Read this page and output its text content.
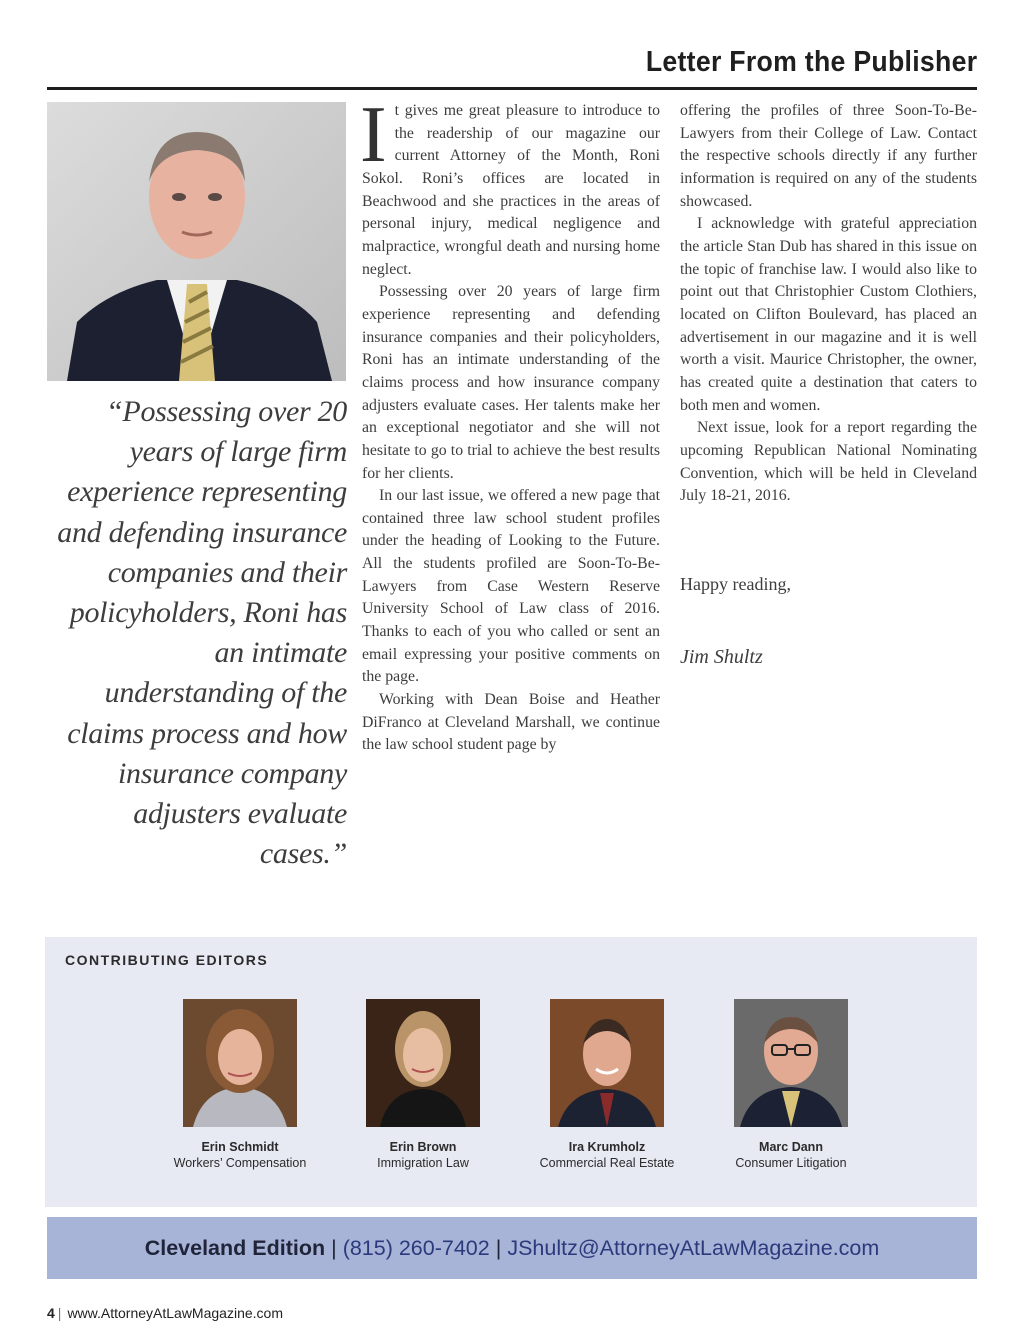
Letter From the Publisher
“Possessing over 20 years of large firm experience representing and defending insurance companies and their policyholders, Roni has an intimate understanding of the claims process and how insurance company adjusters evaluate cases.”
I t gives me great pleasure to introduce to the readership of our magazine our current Attorney of the Month, Roni Sokol. Roni’s offices are located in Beachwood and she practices in the areas of personal injury, medical negligence and malpractice, wrongful death and nursing home neglect.

Possessing over 20 years of large firm experience representing and defending insurance companies and their policyholders, Roni has an intimate understanding of the claims process and how insurance company adjusters evaluate cases. Her talents make her an exceptional negotiator and she will not hesitate to go to trial to achieve the best results for her clients.

In our last issue, we offered a new page that contained three law school student profiles under the heading of Looking to the Future. All the students profiled are Soon-To-Be-Lawyers from Case Western Reserve University School of Law class of 2016. Thanks to each of you who called or sent an email expressing your positive comments on the page.

Working with Dean Boise and Heather DiFranco at Cleveland Marshall, we continue the law school student page by

offering the profiles of three Soon-To-Be-Lawyers from their College of Law. Contact the respective schools directly if any further information is required on any of the students showcased.

I acknowledge with grateful appreciation the article Stan Dub has shared in this issue on the topic of franchise law. I would also like to point out that Christophier Custom Clothiers, located on Clifton Boulevard, has placed an advertisement in our magazine and it is well worth a visit. Maurice Christopher, the owner, has created quite a destination that caters to both men and women.

Next issue, look for a report regarding the upcoming Republican National Nominating Convention, which will be held in Cleveland July 18-21, 2016.

Happy reading,
Jim Shultz
CONTRIBUTING EDITORS
Erin Schmidt
Workers’ Compensation
Erin Brown
Immigration Law
Ira Krumholz
Commercial Real Estate
Marc Dann
Consumer Litigation
Cleveland Edition | (815) 260-7402 | JShultz@AttorneyAtLawMagazine.com
4 | www.AttorneyAtLawMagazine.com
